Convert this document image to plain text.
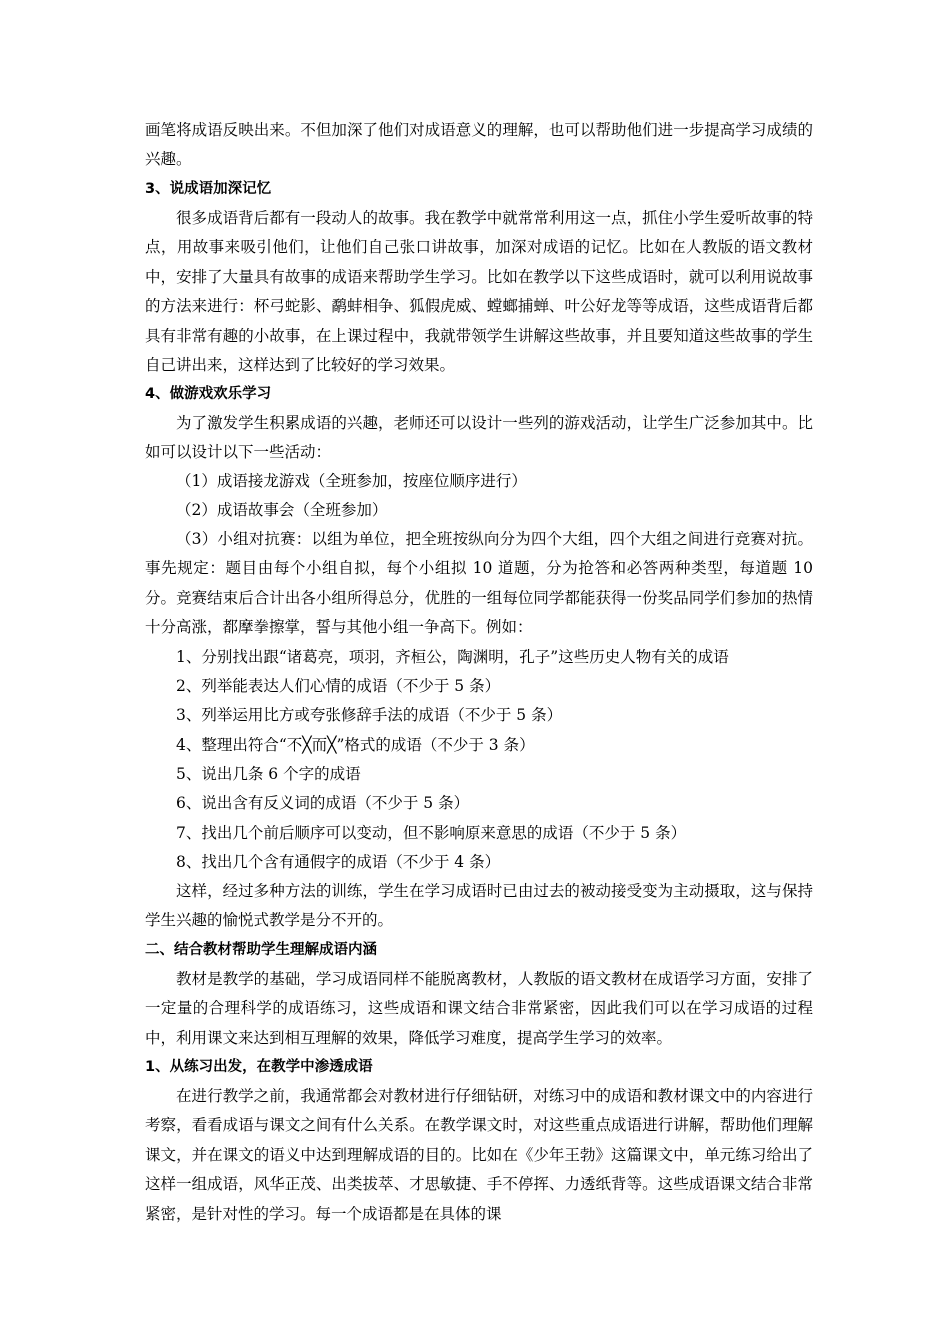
画笔将成语反映出来。不但加深了他们对成语意义的理解，也可以帮助他们进一步提高学习成绩的兴趣。

3、说成语加深记忆

很多成语背后都有一段动人的故事。我在教学中就常常利用这一点，抓住小学生爱听故事的特点，用故事来吸引他们，让他们自己张口讲故事，加深对成语的记忆。比如在人教版的语文教材中，安排了大量具有故事的成语来帮助学生学习。比如在教学以下这些成语时，就可以利用说故事的方法来进行：杯弓蛇影、鹬蚌相争、狐假虎威、螳螂捕蝉、叶公好龙等等成语，这些成语背后都具有非常有趣的小故事，在上课过程中，我就带领学生讲解这些故事，并且要知道这些故事的学生自己讲出来，这样达到了比较好的学习效果。

4、做游戏欢乐学习

为了激发学生积累成语的兴趣，老师还可以设计一些列的游戏活动，让学生广泛参加其中。比如可以设计以下一些活动：

（1）成语接龙游戏（全班参加，按座位顺序进行）

（2）成语故事会（全班参加）

（3）小组对抗赛：以组为单位，把全班按纵向分为四个大组，四个大组之间进行竞赛对抗。事先规定：题目由每个小组自拟，每个小组拟 10 道题，分为抢答和必答两种类型，每道题 10 分。竞赛结束后合计出各小组所得总分，优胜的一组每位同学都能获得一份奖品同学们参加的热情十分高涨，都摩拳擦掌，誓与其他小组一争高下。例如：

1、分别找出跟“诸葛亮，项羽，齐桓公，陶渊明，孔子”这些历史人物有关的成语

2、列举能表达人们心情的成语（不少于 5 条）

3、列举运用比方或夸张修辞手法的成语（不少于 5 条）

4、整理出符合“不╳而╳”格式的成语（不少于 3 条）

5、说出几条 6 个字的成语

6、说出含有反义词的成语（不少于 5 条）

7、找出几个前后顺序可以变动，但不影响原来意思的成语（不少于 5 条）

8、找出几个含有通假字的成语（不少于 4 条）

这样，经过多种方法的训练，学生在学习成语时已由过去的被动接受变为主动摄取，这与保持学生兴趣的愉悦式教学是分不开的。

二、结合教材帮助学生理解成语内涵

教材是教学的基础，学习成语同样不能脱离教材，人教版的语文教材在成语学习方面，安排了一定量的合理科学的成语练习，这些成语和课文结合非常紧密，因此我们可以在学习成语的过程中，利用课文来达到相互理解的效果，降低学习难度，提高学生学习的效率。

1、从练习出发，在教学中渗透成语

在进行教学之前，我通常都会对教材进行仔细钻研，对练习中的成语和教材课文中的内容进行考察，看看成语与课文之间有什么关系。在教学课文时，对这些重点成语进行讲解，帮助他们理解课文，并在课文的语义中达到理解成语的目的。比如在《少年王勃》这篇课文中，单元练习给出了这样一组成语，风华正茂、出类拔萃、才思敏捷、手不停挥、力透纸背等。这些成语课文结合非常紧密，是针对性的学习。每一个成语都是在具体的课
